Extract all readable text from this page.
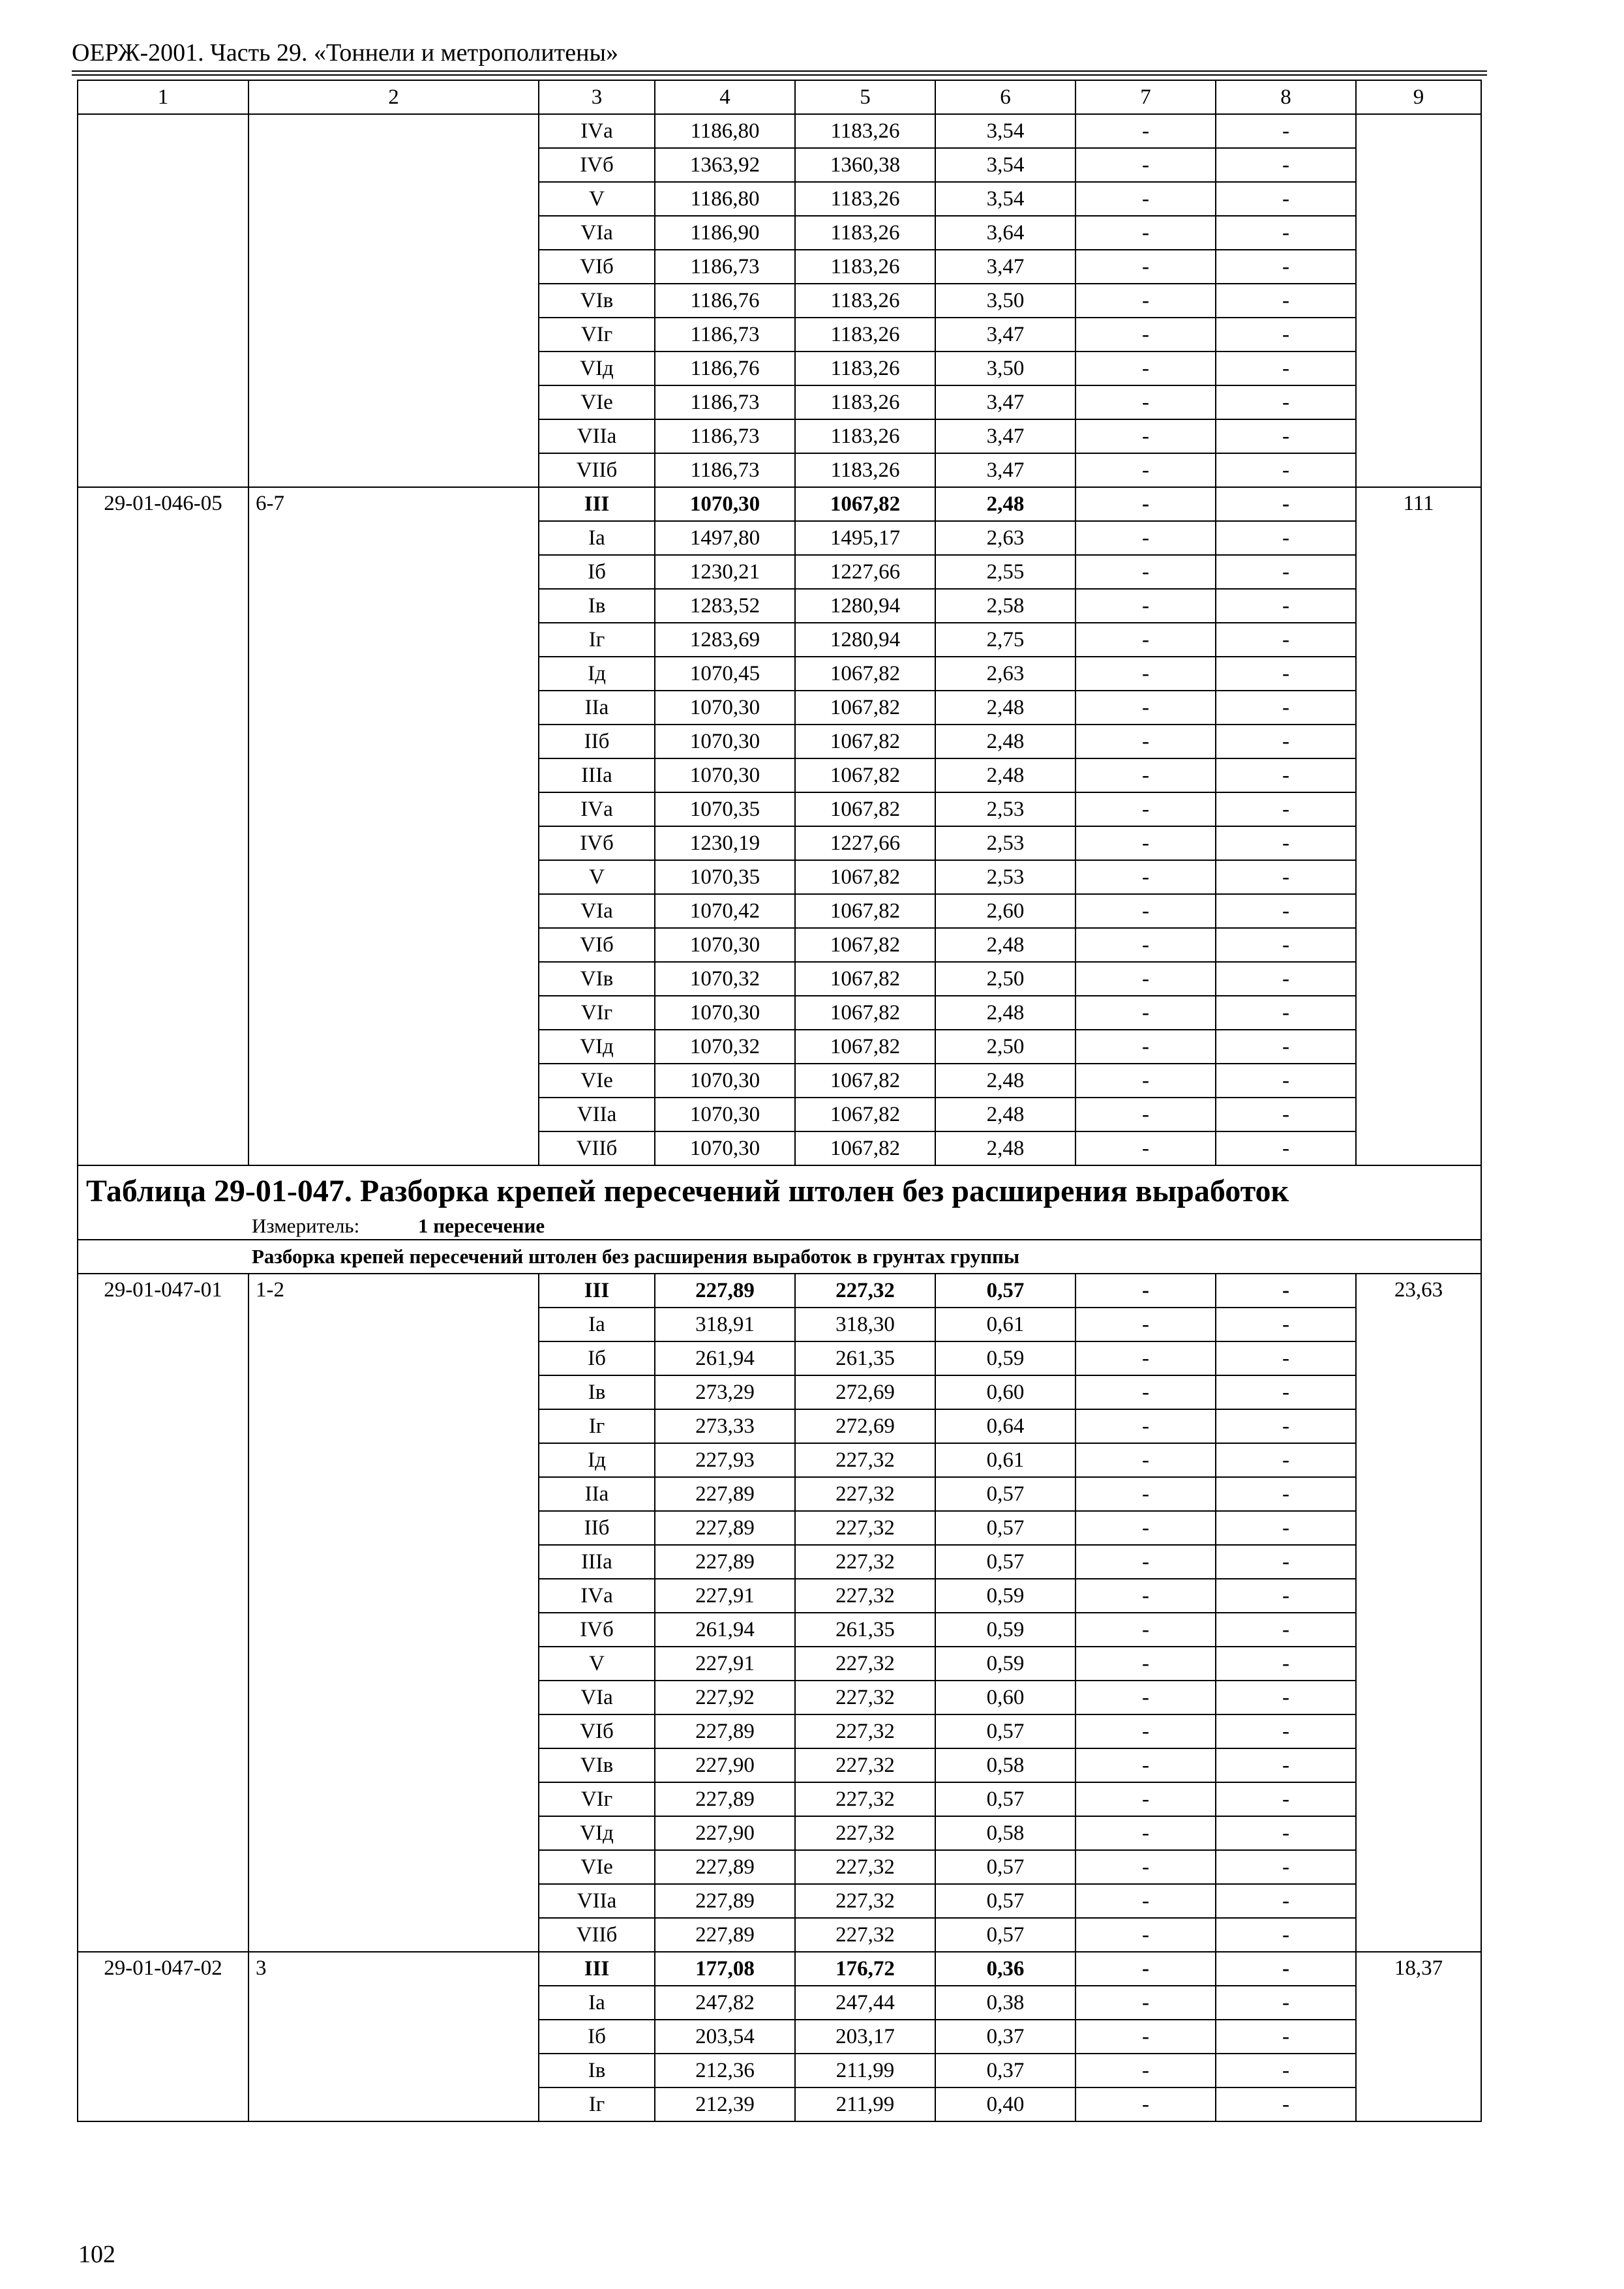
ОЕРЖ-2001. Часть 29. «Тоннели и метрополитены»
1	2	3	4	5	6	7	8	9
		IVа	1186,80	1183,26	3,54	-	-	
		IVб	1363,92	1360,38	3,54	-	-	
		V	1186,80	1183,26	3,54	-	-	
		VIа	1186,90	1183,26	3,64	-	-	
		VIб	1186,73	1183,26	3,47	-	-	
		VIв	1186,76	1183,26	3,50	-	-	
		VIг	1186,73	1183,26	3,47	-	-	
		VIд	1186,76	1183,26	3,50	-	-	
		VIе	1186,73	1183,26	3,47	-	-	
		VIIа	1186,73	1183,26	3,47	-	-	
		VIIб	1186,73	1183,26	3,47	-	-	
29-01-046-05	6-7	III	1070,30	1067,82	2,48	-	-	111
		Iа	1497,80	1495,17	2,63	-	-	
		Iб	1230,21	1227,66	2,55	-	-	
		Iв	1283,52	1280,94	2,58	-	-	
		Iг	1283,69	1280,94	2,75	-	-	
		Iд	1070,45	1067,82	2,63	-	-	
		IIа	1070,30	1067,82	2,48	-	-	
		IIб	1070,30	1067,82	2,48	-	-	
		IIIа	1070,30	1067,82	2,48	-	-	
		IVа	1070,35	1067,82	2,53	-	-	
		IVб	1230,19	1227,66	2,53	-	-	
		V	1070,35	1067,82	2,53	-	-	
		VIа	1070,42	1067,82	2,60	-	-	
		VIб	1070,30	1067,82	2,48	-	-	
		VIв	1070,32	1067,82	2,50	-	-	
		VIг	1070,30	1067,82	2,48	-	-	
		VIд	1070,32	1067,82	2,50	-	-	
		VIе	1070,30	1067,82	2,48	-	-	
		VIIа	1070,30	1067,82	2,48	-	-	
		VIIб	1070,30	1067,82	2,48	-	-	
Таблица 29-01-047. Разборка крепей пересечений штолен без расширения выработок								
Измеритель: 1 пересечение								
Разборка крепей пересечений штолен без расширения выработок в грунтах группы								
29-01-047-01	1-2	III	227,89	227,32	0,57	-	-	23,63
		Iа	318,91	318,30	0,61	-	-	
		Iб	261,94	261,35	0,59	-	-	
		Iв	273,29	272,69	0,60	-	-	
		Iг	273,33	272,69	0,64	-	-	
		Iд	227,93	227,32	0,61	-	-	
		IIа	227,89	227,32	0,57	-	-	
		IIб	227,89	227,32	0,57	-	-	
		IIIа	227,89	227,32	0,57	-	-	
		IVа	227,91	227,32	0,59	-	-	
		IVб	261,94	261,35	0,59	-	-	
		V	227,91	227,32	0,59	-	-	
		VIа	227,92	227,32	0,60	-	-	
		VIб	227,89	227,32	0,57	-	-	
		VIв	227,90	227,32	0,58	-	-	
		VIг	227,89	227,32	0,57	-	-	
		VIд	227,90	227,32	0,58	-	-	
		VIе	227,89	227,32	0,57	-	-	
		VIIа	227,89	227,32	0,57	-	-	
		VIIб	227,89	227,32	0,57	-	-	
29-01-047-02	3	III	177,08	176,72	0,36	-	-	18,37
		Iа	247,82	247,44	0,38	-	-	
		Iб	203,54	203,17	0,37	-	-	
		Iв	212,36	211,99	0,37	-	-	
		Iг	212,39	211,99	0,40	-	-	
102
